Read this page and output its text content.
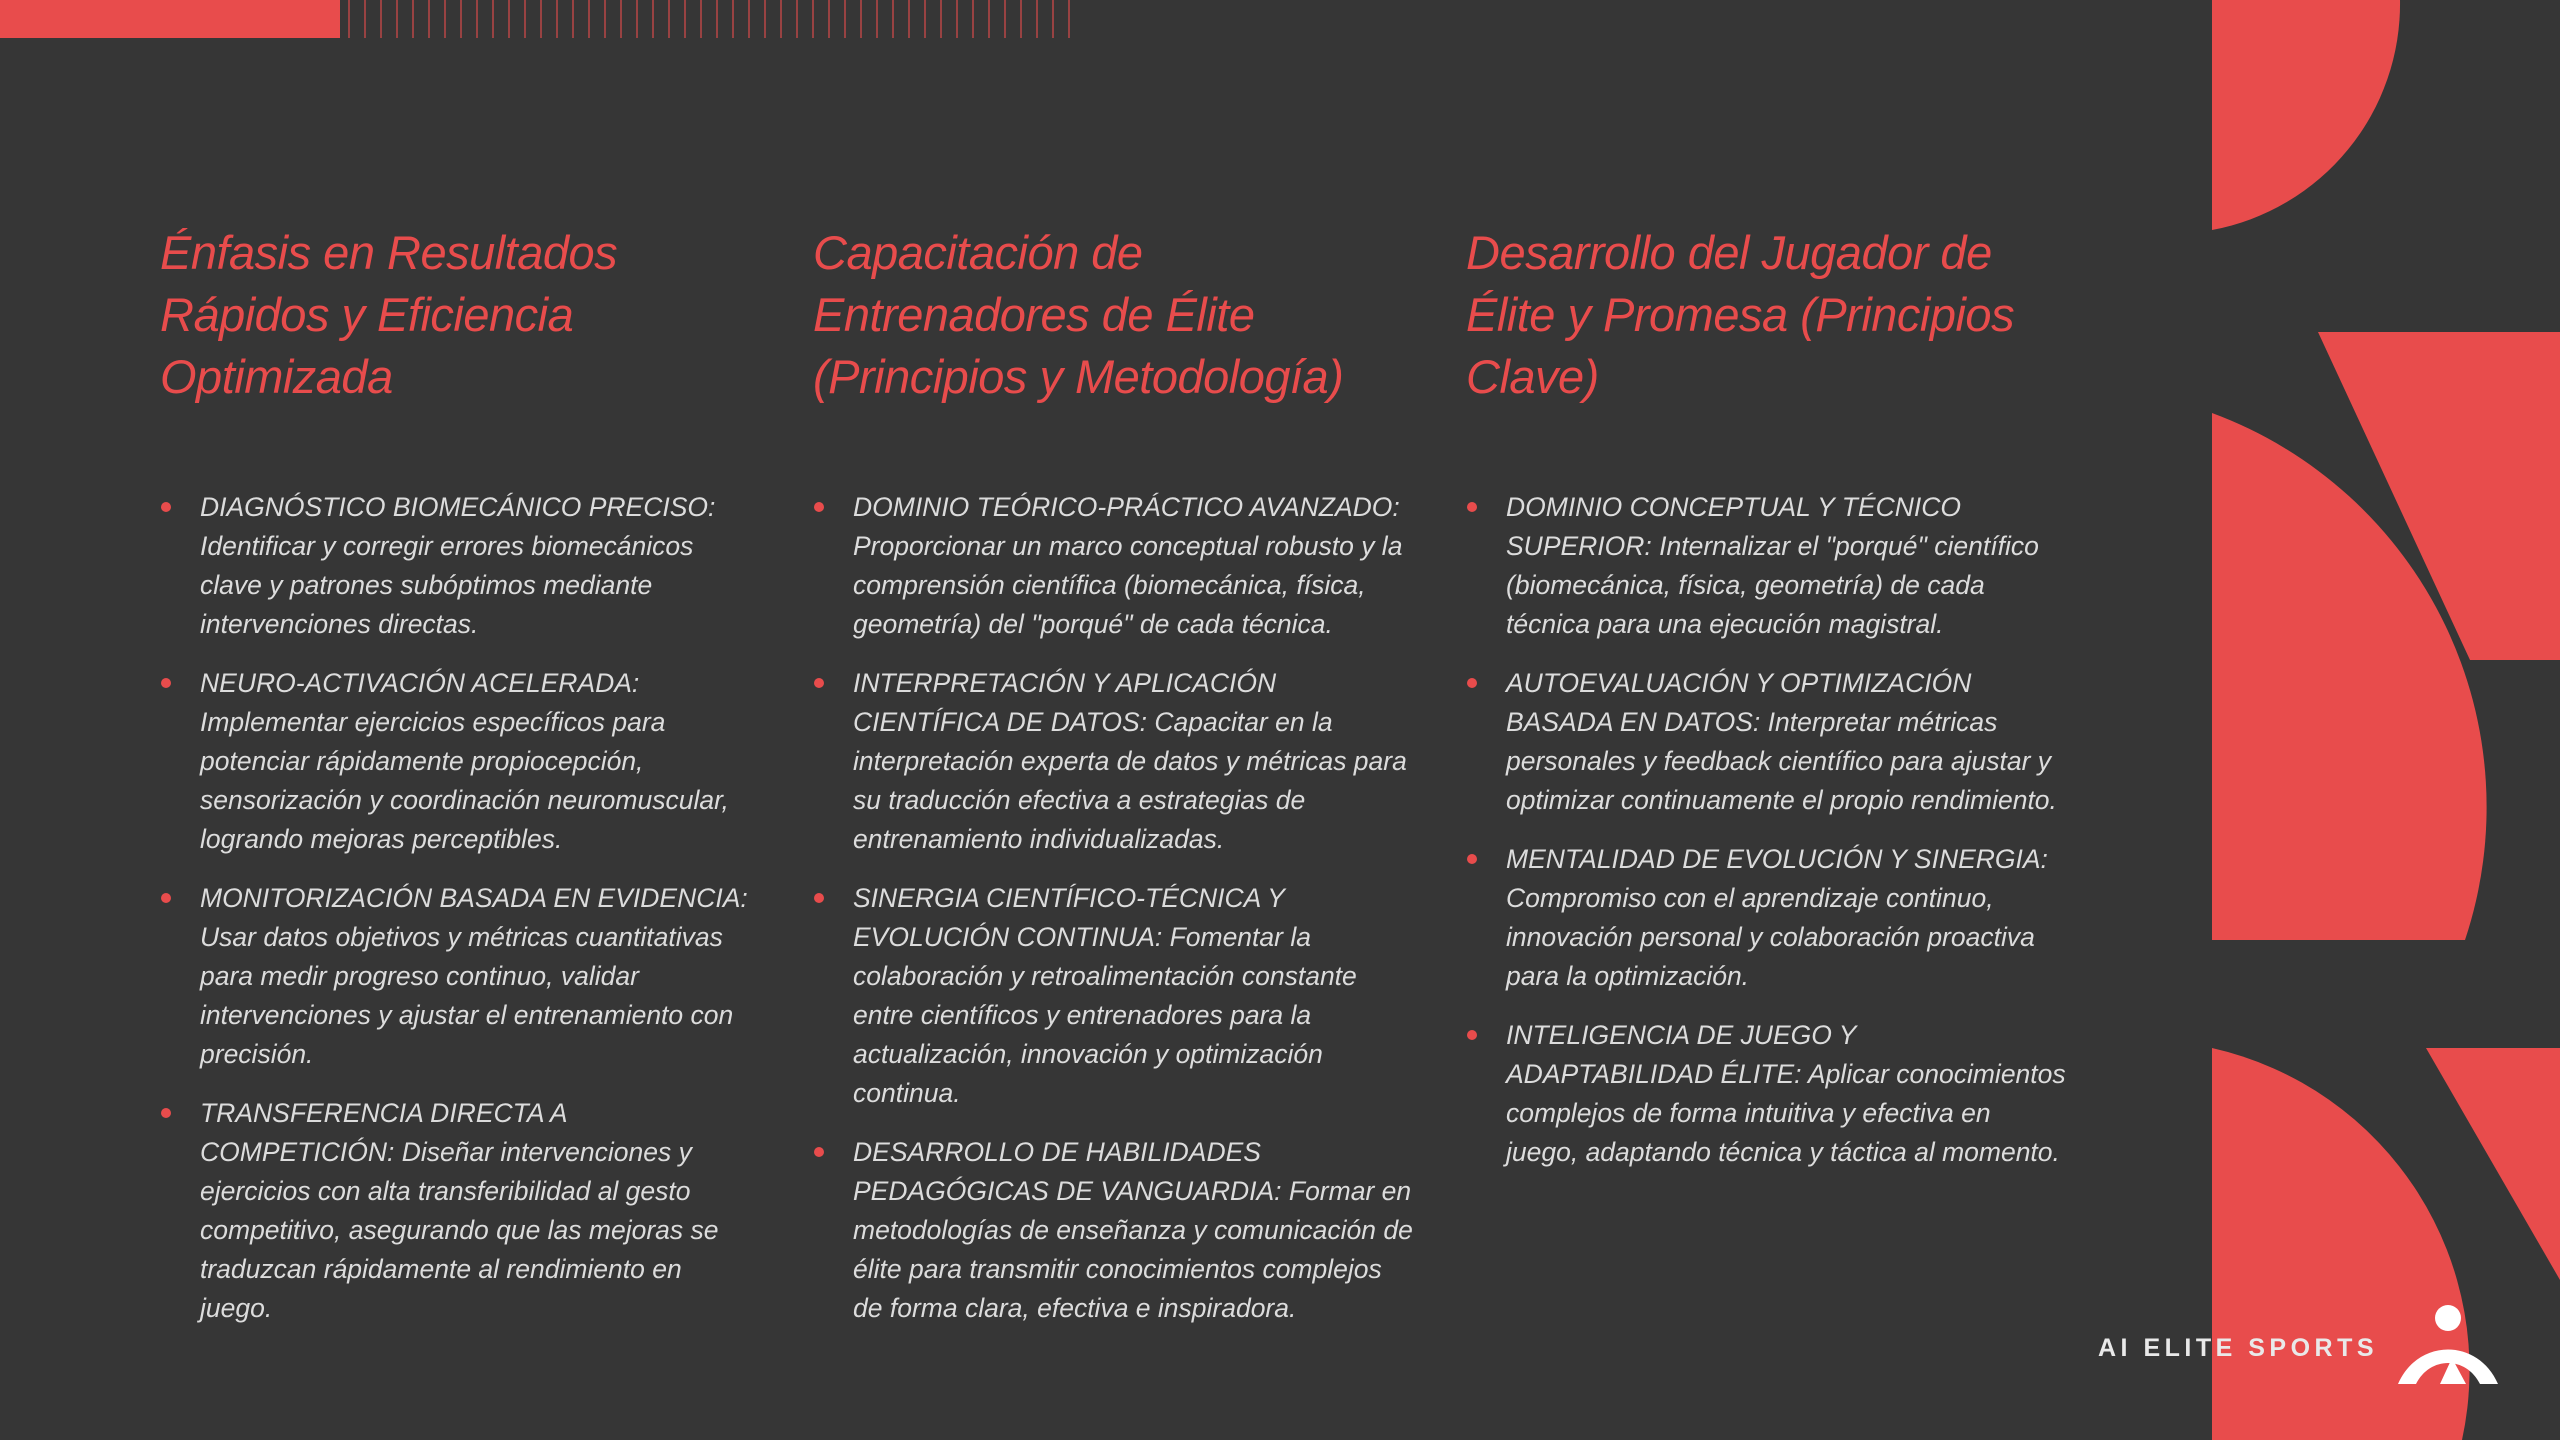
Énfasis en Resultados Rápidos y Eficiencia Optimizada
DIAGNÓSTICO BIOMECÁNICO PRECISO: Identificar y corregir errores biomecánicos clave y patrones subóptimos mediante intervenciones directas.
NEURO-ACTIVACIÓN ACELERADA: Implementar ejercicios específicos para potenciar rápidamente propiocepción, sensorización y coordinación neuromuscular, logrando mejoras perceptibles.
MONITORIZACIÓN BASADA EN EVIDENCIA: Usar datos objetivos y métricas cuantitativas para medir progreso continuo, validar intervenciones y ajustar el entrenamiento con precisión.
TRANSFERENCIA DIRECTA A COMPETICIÓN: Diseñar intervenciones y ejercicios con alta transferibilidad al gesto competitivo, asegurando que las mejoras se traduzcan rápidamente al rendimiento en juego.
Capacitación de Entrenadores de Élite (Principios y Metodología)
DOMINIO TEÓRICO-PRÁCTICO AVANZADO: Proporcionar un marco conceptual robusto y la comprensión científica (biomecánica, física, geometría) del "porqué" de cada técnica.
INTERPRETACIÓN Y APLICACIÓN CIENTÍFICA DE DATOS: Capacitar en la interpretación experta de datos y métricas para su traducción efectiva a estrategias de entrenamiento individualizadas.
SINERGIA CIENTÍFICO-TÉCNICA Y EVOLUCIÓN CONTINUA: Fomentar la colaboración y retroalimentación constante entre científicos y entrenadores para la actualización, innovación y optimización continua.
DESARROLLO DE HABILIDADES PEDAGÓGICAS DE VANGUARDIA: Formar en metodologías de enseñanza y comunicación de élite para transmitir conocimientos complejos de forma clara, efectiva e inspiradora.
Desarrollo del Jugador de Élite y Promesa (Principios Clave)
DOMINIO CONCEPTUAL Y TÉCNICO SUPERIOR: Internalizar el "porqué" científico (biomecánica, física, geometría) de cada técnica para una ejecución magistral.
AUTOEVALUACIÓN Y OPTIMIZACIÓN BASADA EN DATOS: Interpretar métricas personales y feedback científico para ajustar y optimizar continuamente el propio rendimiento.
MENTALIDAD DE EVOLUCIÓN Y SINERGIA: Compromiso con el aprendizaje continuo, innovación personal y colaboración proactiva para la optimización.
INTELIGENCIA DE JUEGO Y ADAPTABILIDAD ÉLITE: Aplicar conocimientos complejos de forma intuitiva y efectiva en juego, adaptando técnica y táctica al momento.
AI ELITE SPORTS
